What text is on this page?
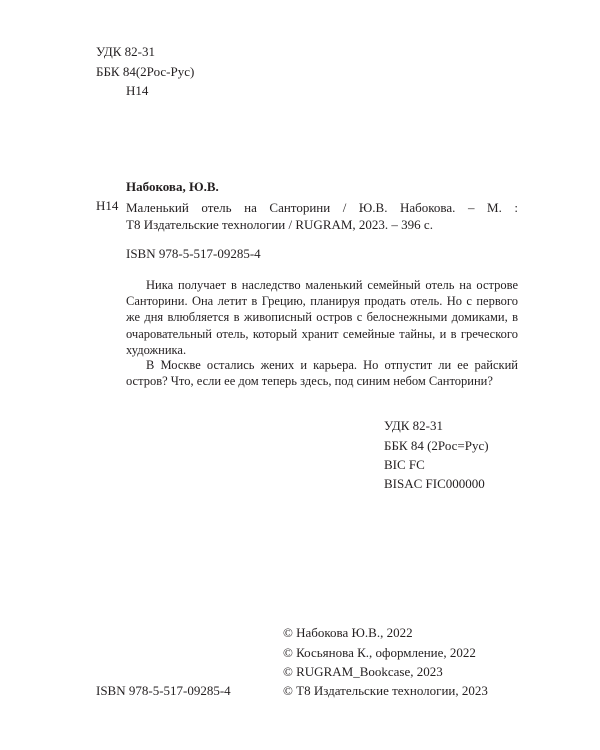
УДК 82-31
ББК 84(2Рос-Рус)
Н14
Набокова, Ю.В.
Н14 Маленький отель на Санторини / Ю.В. Набокова. – М. :
Т8 Издательские технологии / RUGRAM, 2023. – 396 с.
ISBN 978-5-517-09285-4

Ника получает в наследство маленький семейный отель на острове Санторини. Она летит в Грецию, планируя продать отель. Но с первого же дня влюбляется в живописный остров с белоснежными домиками, в очаровательный отель, который хранит семейные тайны, и в греческого художника.

В Москве остались жених и карьера. Но отпустит ли ее райский остров? Что, если ее дом теперь здесь, под синим небом Санторини?

УДК 82-31
ББК 84 (2Рос=Рус)
BIC FC
BISAC FIC000000
© Набокова Ю.В., 2022
© Косьянова К., оформление, 2022
© RUGRAM_Bookcase, 2023
© Т8 Издательские технологии, 2023
ISBN 978-5-517-09285-4
